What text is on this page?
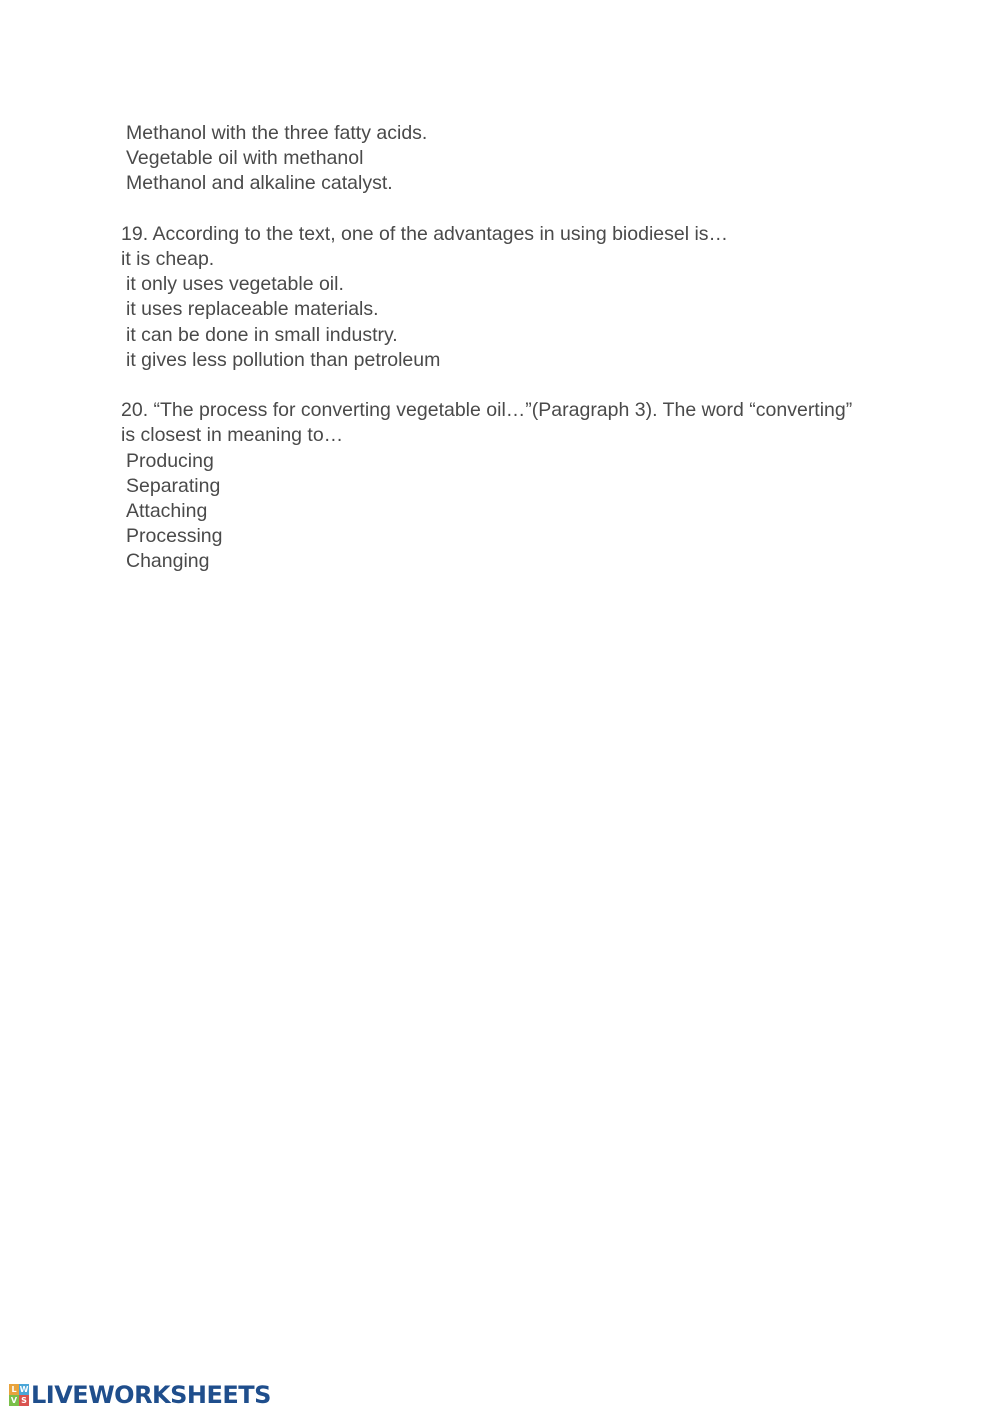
Methanol with the three fatty acids.
Vegetable oil with methanol
Methanol and alkaline catalyst.
19. According to the text, one of the advantages in using biodiesel is…
it is cheap.
it only uses vegetable oil.
it uses replaceable materials.
it can be done in small industry.
it gives less pollution than petroleum
20. “The process for converting vegetable oil…”(Paragraph 3). The word “converting”
is closest in meaning to…
Producing
Separating
Attaching
Processing
Changing
L W
V S LIVEWORKSHEETS
